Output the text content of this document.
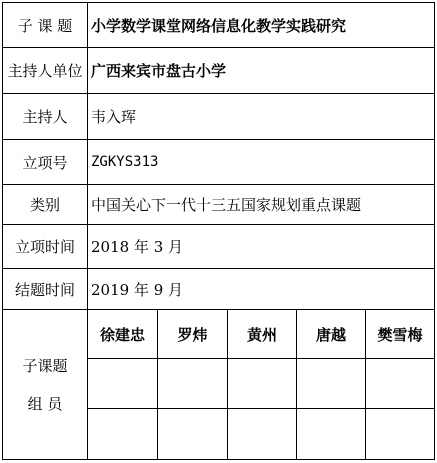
子 课 题	小学数学课堂网络信息化教学实践研究				
主持人单位	广西来宾市盘古小学				
主持人	韦入珲				
立项号	ZGKYS313				
类别	中国关心下一代十三五国家规划重点课题				
立项时间	2018 年 3 月				
结题时间	2019 年 9 月				

子课题
组 员	徐建忠	罗炜	黄州	唐越	樊雪梅
